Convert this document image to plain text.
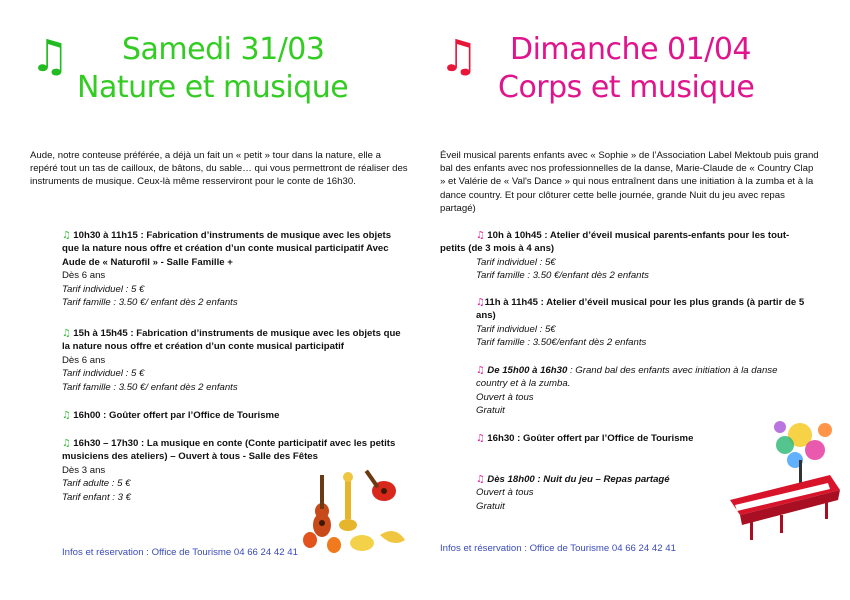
♫ Samedi 31/03
Nature et musique
Aude, notre conteuse préférée, a déjà un fait un « petit » tour dans la nature, elle a repéré tout un tas de cailloux, de bâtons, du sable… qui vous permettront de réaliser des instruments de musique. Ceux-là même resserviront pour le conte de 16h30.
♫ 10h30 à 11h15 : Fabrication d’instruments de musique avec les objets que la nature nous offre et création d’un conte musical participatif Avec Aude de « Naturofil » - Salle Famille +
Dès 6 ans
Tarif individuel : 5 €
Tarif famille : 3.50 €/ enfant dès 2 enfants
♫ 15h à 15h45 : Fabrication d’instruments de musique avec les objets que la nature nous offre et création d’un conte musical participatif
Dès 6 ans
Tarif individuel : 5 €
Tarif famille : 3.50 €/ enfant dès 2 enfants
♫ 16h00 : Goûter offert par l’Office de Tourisme
♫ 16h30 – 17h30 : La musique en conte (Conte participatif avec les petits musiciens des ateliers) – Ouvert à tous - Salle des Fêtes
Dès 3 ans
Tarif adulte : 5 €
Tarif enfant : 3 €
♫ Dimanche 01/04
Corps et musique
Éveil musical parents enfants avec « Sophie » de l’Association Label Mektoub puis grand bal des enfants avec nos professionnelles de la danse, Marie-Claude de « Country Clap » et Valérie de « Val's Dance » qui nous entraînent dans une initiation à la zumba et à la dance country. Et pour clôturer cette belle journée, grande Nuit du jeu avec repas partagé)
♫ 10h à 10h45 : Atelier d’éveil musical parents-enfants pour les tout-petits (de 3 mois à 4 ans)
Tarif individuel : 5€
Tarif famille : 3.50 €/enfant dès 2 enfants
♫11h à 11h45 : Atelier d’éveil musical pour les plus grands (à partir de 5 ans)
Tarif individuel : 5€
Tarif famille : 3.50€/enfant dès 2 enfants
♫ De 15h00 à 16h30 : Grand bal des enfants avec initiation à la danse country et à la zumba.
Ouvert à tous
Gratuit
♫ 16h30 : Goûter offert par l’Office de Tourisme
♫ Dès 18h00 : Nuit du jeu – Repas partagé
Ouvert à tous
Gratuit
Infos et réservation : Office de Tourisme 04 66 24 42 41
Infos et réservation : Office de Tourisme 04 66 24 42 41
